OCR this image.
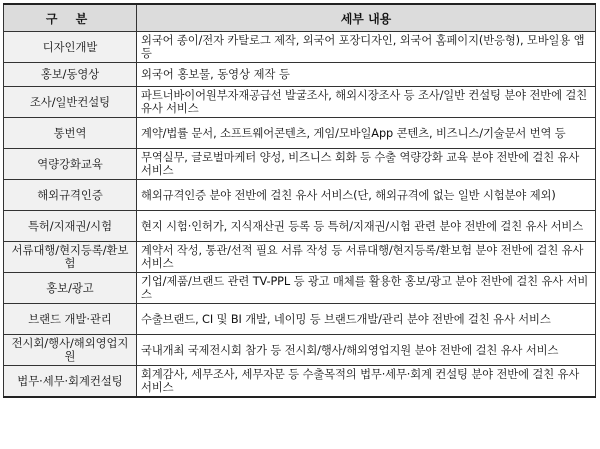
구 분	세부 내용
디자인개발	외국어 종이/전자 카탈로그 제작, 외국어 포장디자인, 외국어 홈페이지(반응형), 모바일용 앱 등
홍보/동영상	외국어 홍보물, 동영상 제작 등
조사/일반컨설팅	파트너바이어원부자재공급선 발굴조사, 해외시장조사 등 조사/일반 컨설팅 분야 전반에 걸친 유사 서비스
통번역	계약/법률 문서, 소프트웨어콘텐츠, 게임/모바일App 콘텐츠, 비즈니스/기술문서 번역 등
역량강화교육	무역실무, 글로벌마케터 양성, 비즈니스 회화 등 수출 역량강화 교육 분야 전반에 걸친 유사 서비스
해외규격인증	해외규격인증 분야 전반에 걸친 유사 서비스(단, 해외규격에 없는 일반 시험분야 제외)
특허/지재권/시험	현지 시험·인허가, 지식재산권 등록 등 특허/지재권/시험 관련 분야 전반에 걸친 유사 서비스
서류대행/현지등록/환보험	계약서 작성, 통관/선적 필요 서류 작성 등 서류대행/현지등록/환보험 분야 전반에 걸친 유사 서비스
홍보/광고	기업/제품/브랜드 관련 TV-PPL 등 광고 매체를 활용한 홍보/광고 분야 전반에 걸친 유사 서비스
브랜드 개발·관리	수출브랜드, CI 및 BI 개발, 네이밍 등 브랜드개발/관리 분야 전반에 걸친 유사 서비스
전시회/행사/해외영업지원	국내개최 국제전시회 참가 등 전시회/행사/해외영업지원 분야 전반에 걸친 유사 서비스
법무·세무·회계컨설팅	회계감사, 세무조사, 세무자문 등 수출목적의 법무·세무·회계 컨설팅 분야 전반에 걸친 유사 서비스
